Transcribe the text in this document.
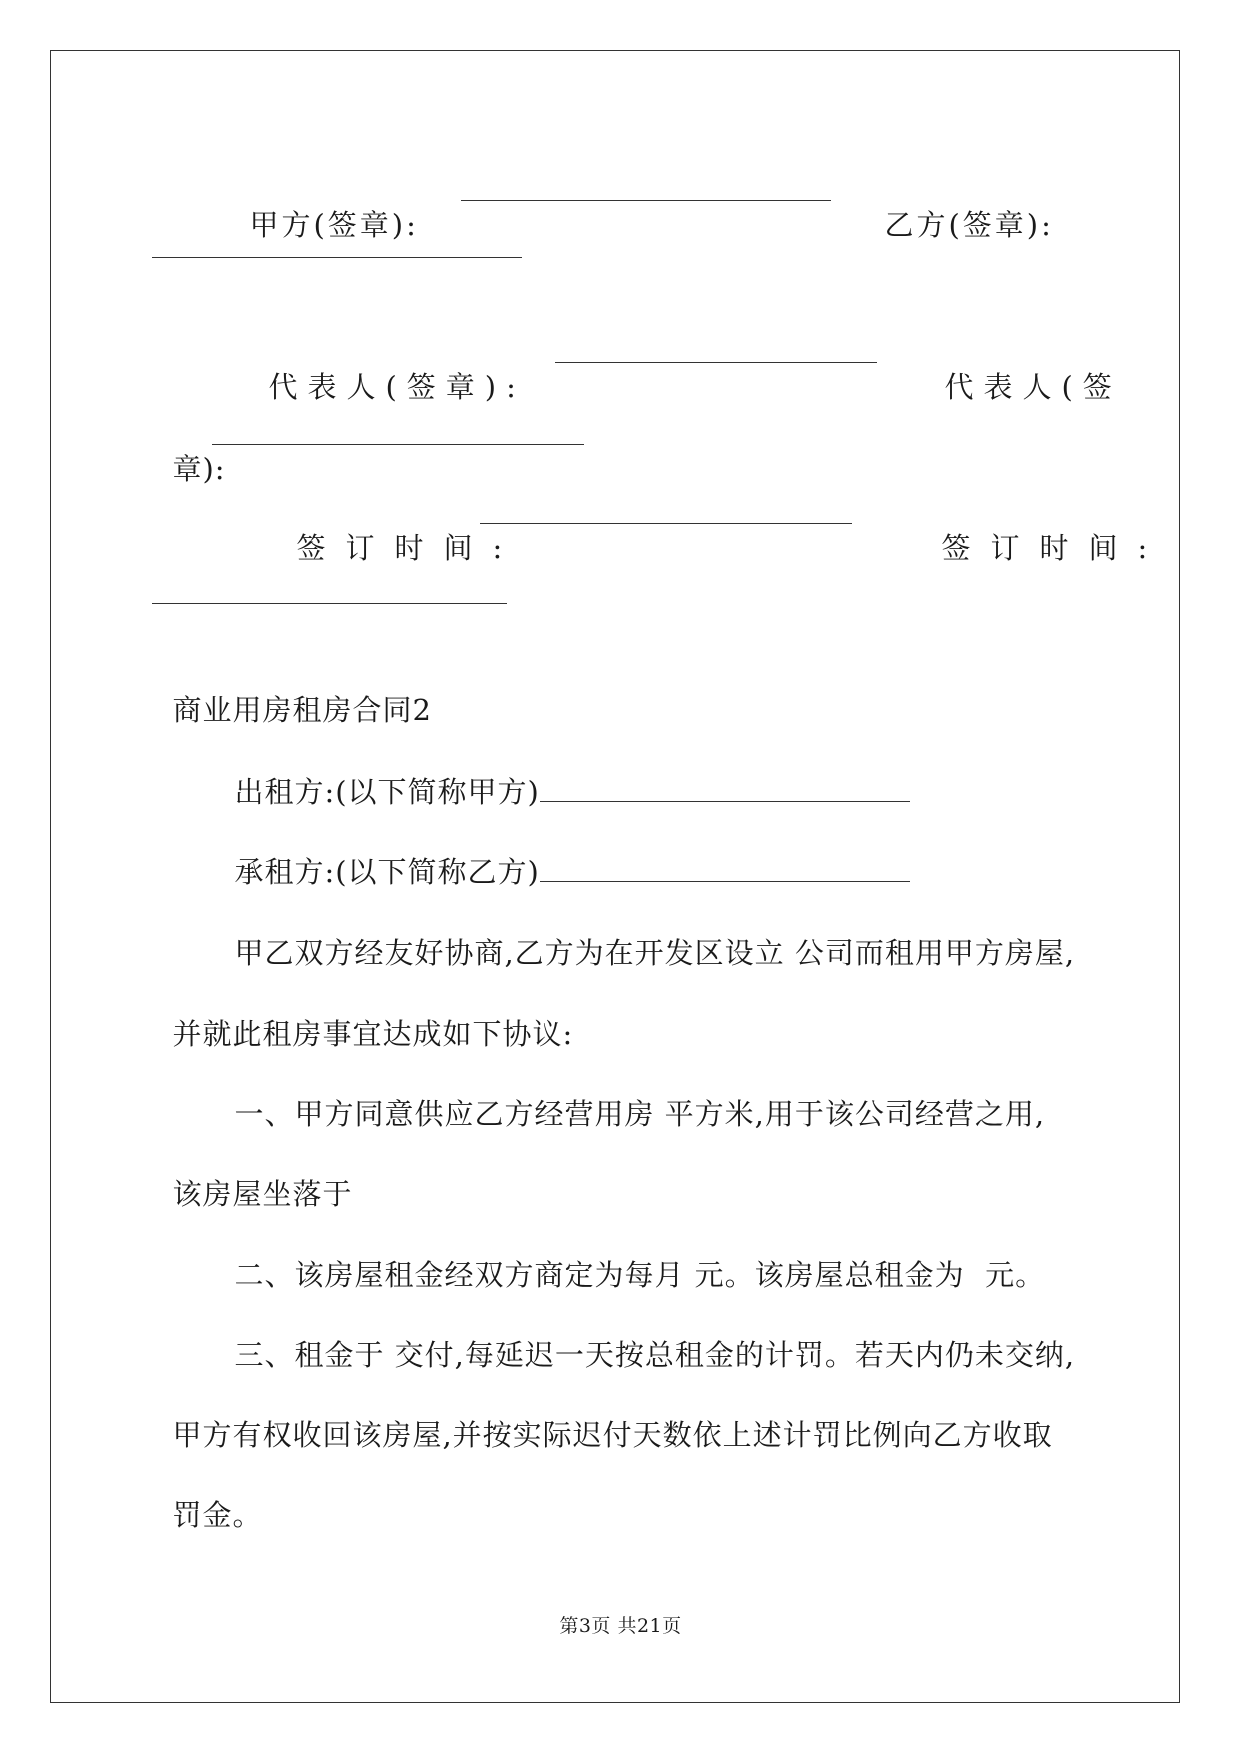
甲方(签章):	乙方(签章):

代表人(签章):	代表人(签

章):

签订时间:	签订时间:

商业用房租房合同2

出租方:(以下简称甲方)

承租方:(以下简称乙方)

甲乙双方经友好协商,乙方为在开发区设立 公司而租用甲方房屋,

并就此租房事宜达成如下协议:

一、甲方同意供应乙方经营用房 平方米,用于该公司经营之用,

该房屋坐落于

二、该房屋租金经双方商定为每月 元。该房屋总租金为  元。

三、租金于 交付,每延迟一天按总租金的计罚。若天内仍未交纳,

甲方有权收回该房屋,并按实际迟付天数依上述计罚比例向乙方收取

罚金。

第3页 共21页
